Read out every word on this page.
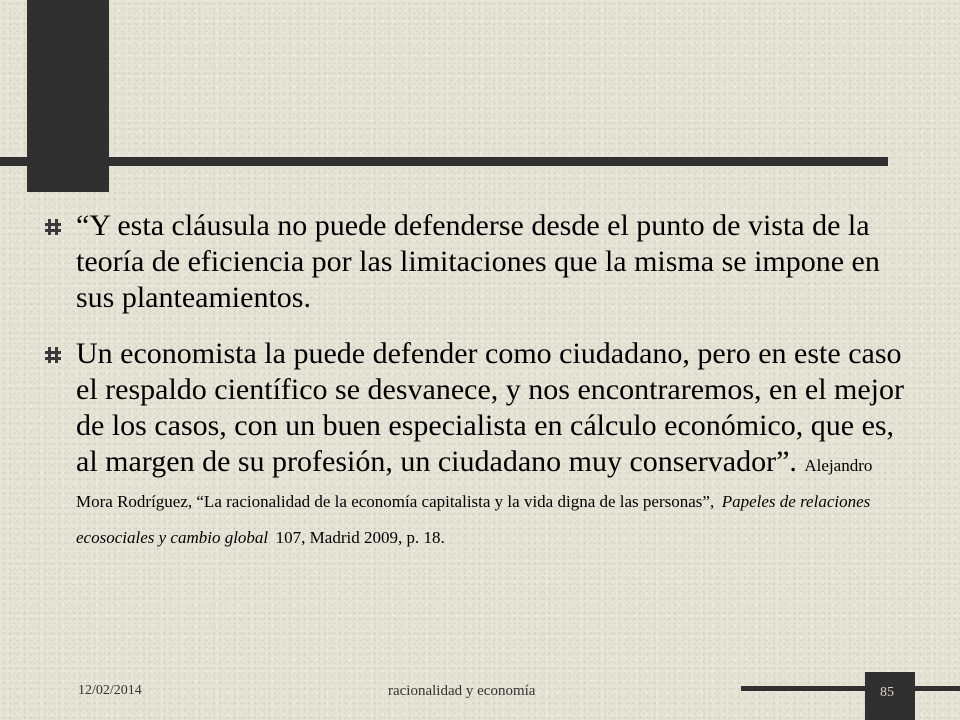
“Y esta cláusula no puede defenderse desde el punto de vista de la teoría de eficiencia por las limitaciones que la misma se impone en sus planteamientos.
Un economista la puede defender como ciudadano, pero en este caso el respaldo científico se desvanece, y nos encontraremos, en el mejor de los casos, con un buen especialista en cálculo económico, que es, al margen de su profesión, un ciudadano muy conservador”. Alejandro Mora Rodríguez, “La racionalidad de la economía capitalista y la vida digna de las personas”, Papeles de relaciones ecosociales y cambio global 107, Madrid 2009, p. 18.
12/02/2014	racionalidad y economía	85
